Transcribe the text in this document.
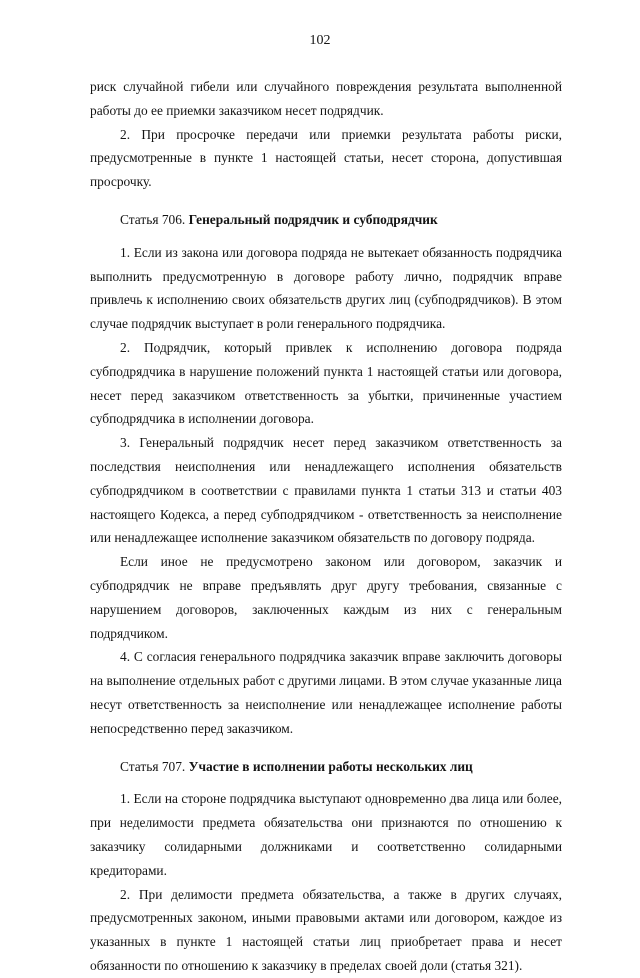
102

риск случайной гибели или случайного повреждения результата выполненной работы до ее приемки заказчиком несет подрядчик.

2. При просрочке передачи или приемки результата работы риски, предусмотренные в пункте 1 настоящей статьи, несет сторона, допустившая просрочку.

Статья 706. Генеральный подрядчик и субподрядчик

1. Если из закона или договора подряда не вытекает обязанность подрядчика выполнить предусмотренную в договоре работу лично, подрядчик вправе привлечь к исполнению своих обязательств других лиц (субподрядчиков). В этом случае подрядчик выступает в роли генерального подрядчика.

2. Подрядчик, который привлек к исполнению договора подряда субподрядчика в нарушение положений пункта 1 настоящей статьи или договора, несет перед заказчиком ответственность за убытки, причиненные участием субподрядчика в исполнении договора.

3. Генеральный подрядчик несет перед заказчиком ответственность за последствия неисполнения или ненадлежащего исполнения обязательств субподрядчиком в соответствии с правилами пункта 1 статьи 313 и статьи 403 настоящего Кодекса, а перед субподрядчиком - ответственность за неисполнение или ненадлежащее исполнение заказчиком обязательств по договору подряда.

Если иное не предусмотрено законом или договором, заказчик и субподрядчик не вправе предъявлять друг другу требования, связанные с нарушением договоров, заключенных каждым из них с генеральным подрядчиком.

4. С согласия генерального подрядчика заказчик вправе заключить договоры на выполнение отдельных работ с другими лицами. В этом случае указанные лица несут ответственность за неисполнение или ненадлежащее исполнение работы непосредственно перед заказчиком.

Статья 707. Участие в исполнении работы нескольких лиц

1. Если на стороне подрядчика выступают одновременно два лица или более, при неделимости предмета обязательства они признаются по отношению к заказчику солидарными должниками и соответственно солидарными кредиторами.

2. При делимости предмета обязательства, а также в других случаях, предусмотренных законом, иными правовыми актами или договором, каждое из указанных в пункте 1 настоящей статьи лиц приобретает права и несет обязанности по отношению к заказчику в пределах своей доли (статья 321).
